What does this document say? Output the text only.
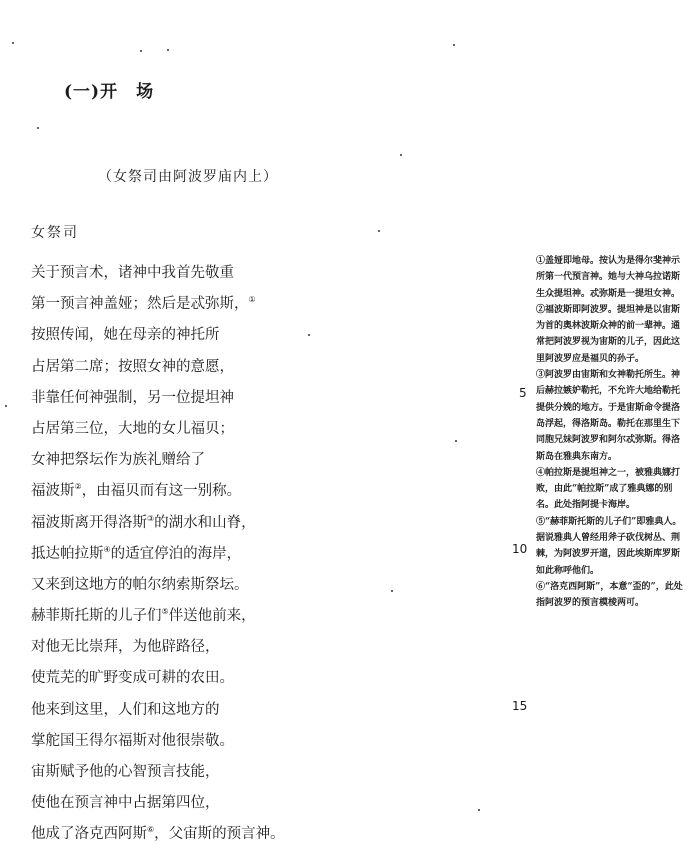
(一)开　场
（女祭司由阿波罗庙内上）
女祭司
关于预言术，诸神中我首先敬重
第一预言神盖娅；然后是忒弥斯，①
按照传闻，她在母亲的神托所
占居第二席；按照女神的意愿，
非靠任何神强制，另一位提坦神
占居第三位，大地的女儿福贝；
女神把祭坛作为族礼赠给了
福波斯②，由福贝而有这一别称。
福波斯离开得洛斯③的湖水和山脊，
抵达帕拉斯④的适宜停泊的海岸，
又来到这地方的帕尔纳索斯祭坛。
赫菲斯托斯的儿子们⑤伴送他前来，
对他无比崇拜，为他辟路径，
使荒芜的旷野变成可耕的农田。
他来到这里，人们和这地方的
掌舵国王得尔福斯对他很崇敬。
宙斯赋予他的心智预言技能，
使他在预言神中占据第四位，
他成了洛克西阿斯⑥，父宙斯的预言神。
5
10
15

①盖娅即地母。按认为是得尔斐神示所第一代预言神。她与大神乌拉诺斯生众提坦神。忒弥斯是一提坦女神。

②福波斯即阿波罗。提坦神是以宙斯为首的奥林波斯众神的前一辈神。通常把阿波罗视为宙斯的儿子，因此这里阿波罗应是福贝的孙子。

③阿波罗由宙斯和女神勒托所生。神后赫拉嫉妒勒托，不允许大地给勒托提供分娩的地方。于是宙斯命令提洛岛浮起，得洛斯岛。勒托在那里生下同胞兄妹阿波罗和阿尔忒弥斯。得洛斯岛在雅典东南方。

④帕拉斯是提坦神之一，被雅典娜打败，由此“帕拉斯”成了雅典娜的别名。此处指阿提卡海岸。

⑤“赫菲斯托斯的儿子们”即雅典人。据说雅典人曾经用斧子砍伐树丛、荆棘，为阿波罗开道，因此埃斯库罗斯如此称呼他们。

⑥“洛克西阿斯”，本意“歪的”，此处指阿波罗的预言模棱两可。
